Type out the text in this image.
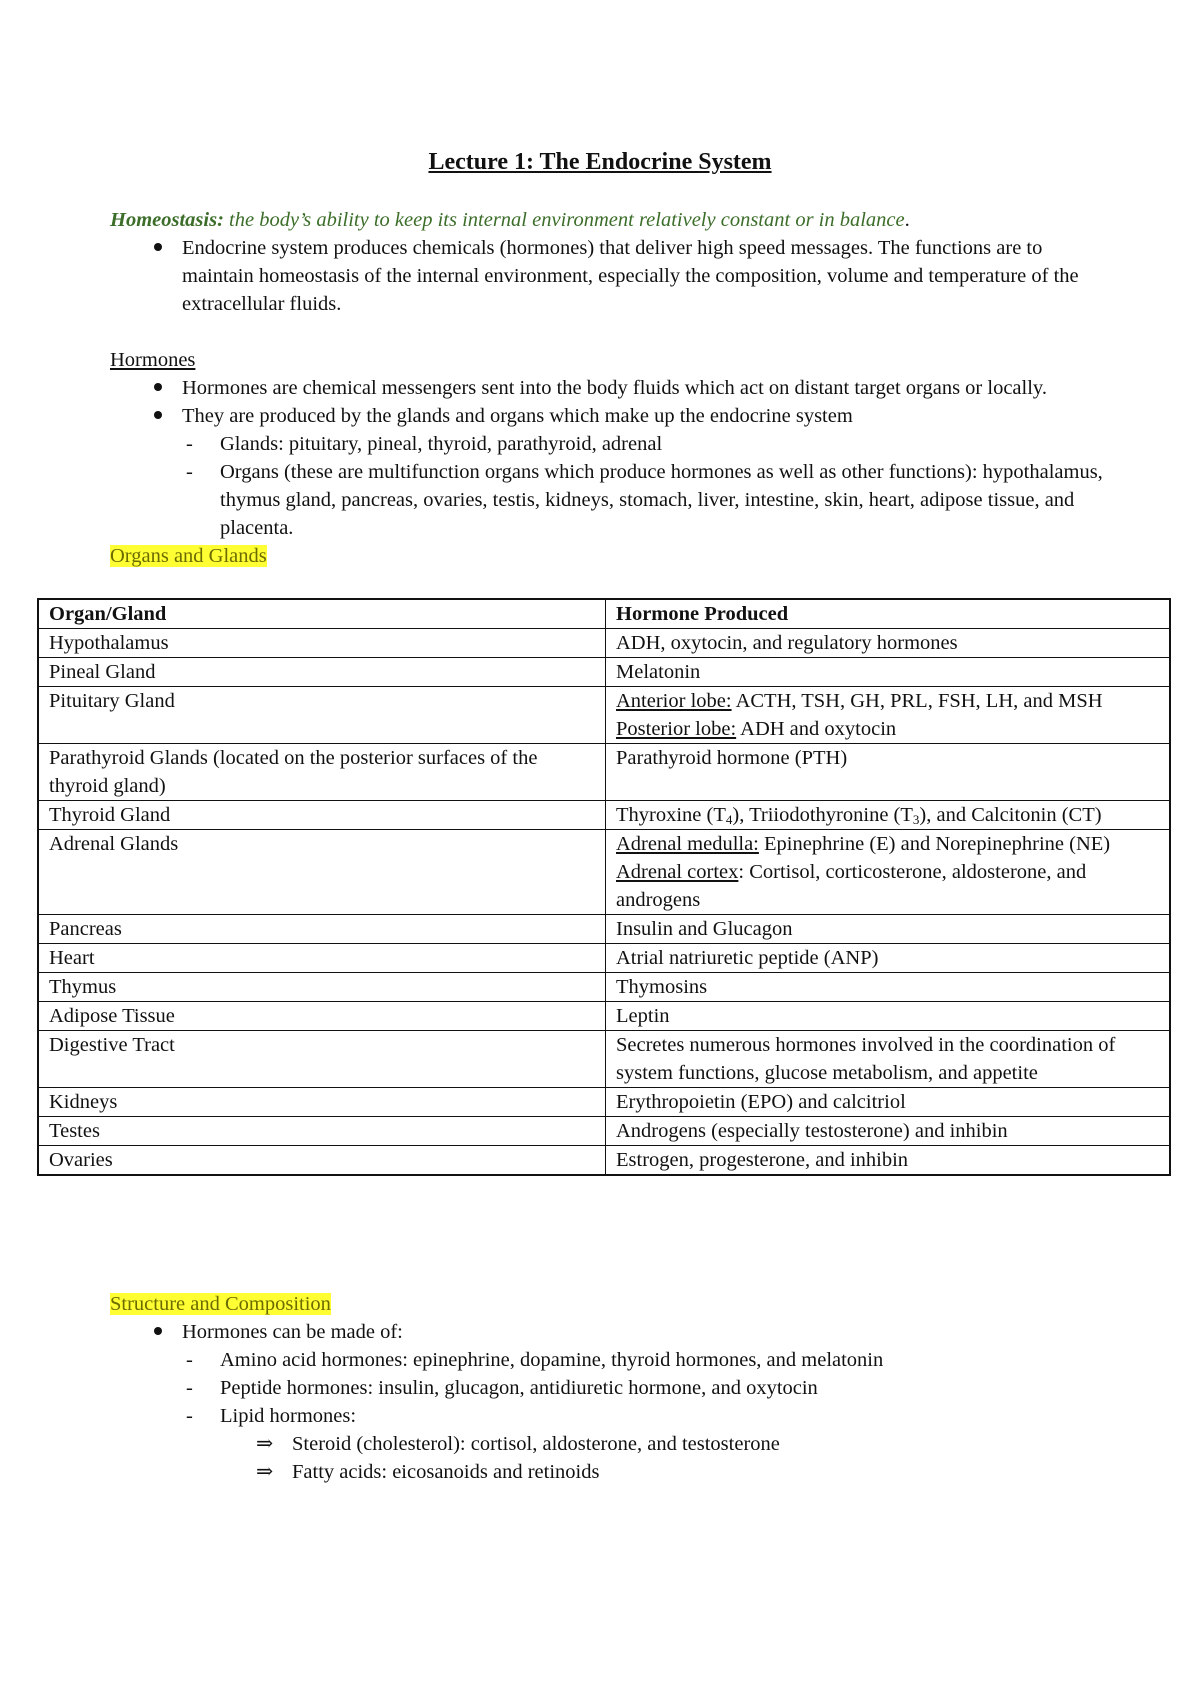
Lecture 1: The Endocrine System
Homeostasis: the body’s ability to keep its internal environment relatively constant or in balance.
Endocrine system produces chemicals (hormones) that deliver high speed messages. The functions are to maintain homeostasis of the internal environment, especially the composition, volume and temperature of the extracellular fluids.
Hormones
Hormones are chemical messengers sent into the body fluids which act on distant target organs or locally.
They are produced by the glands and organs which make up the endocrine system
- Glands: pituitary, pineal, thyroid, parathyroid, adrenal
- Organs (these are multifunction organs which produce hormones as well as other functions): hypothalamus, thymus gland, pancreas, ovaries, testis, kidneys, stomach, liver, intestine, skin, heart, adipose tissue, and placenta.
Organs and Glands
Organ/Gland	Hormone Produced
Hypothalamus	ADH, oxytocin, and regulatory hormones
Pineal Gland	Melatonin
Pituitary Gland	Anterior lobe: ACTH, TSH, GH, PRL, FSH, LH, and MSH
Posterior lobe: ADH and oxytocin

Parathyroid Glands (located on the posterior surfaces of the thyroid gland)	Parathyroid hormone (PTH)
Thyroid Gland	Thyroxine $(T_4)$, Triiodothyronine $(T_3)$, and Calcitonin (CT)
Adrenal Glands	Adrenal medulla: Epinephrine (E) and Norepinephrine (NE)
Adrenal cortex: Cortisol, corticosterone, aldosterone, and androgens

Pancreas	Insulin and Glucagon
Heart	Atrial natriuretic peptide (ANP)
Thymus	Thymosins
Adipose Tissue	Leptin
Digestive Tract	Secretes numerous hormones involved in the coordination of system functions, glucose metabolism, and appetite
Kidneys	Erythropoietin (EPO) and calcitriol
Testes	Androgens (especially testosterone) and inhibin
Ovaries	Estrogen, progesterone, and inhibin
Structure and Composition
Hormones can be made of:
- Amino acid hormones: epinephrine, dopamine, thyroid hormones, and melatonin
- Peptide hormones: insulin, glucagon, antidiuretic hormone, and oxytocin
- Lipid hormones:
⇒ Steroid (cholesterol): cortisol, aldosterone, and testosterone
⇒ Fatty acids: eicosanoids and retinoids
